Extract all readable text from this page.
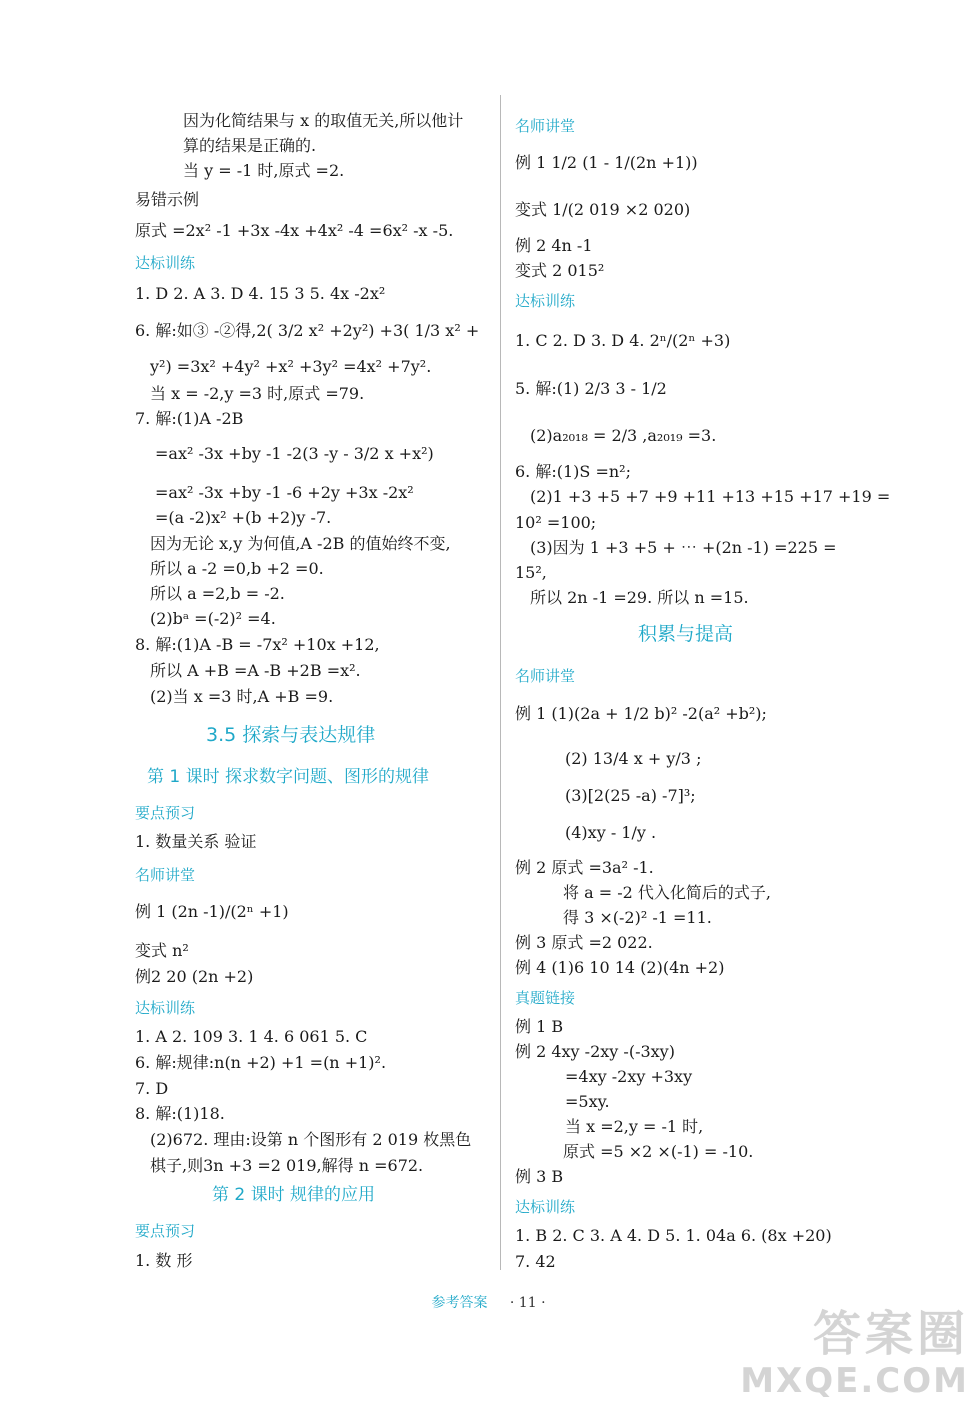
因为化简结果与 x 的取值无关,所以他计
算的结果是正确的.
当 y = -1 时,原式 =2.
易错示例
原式 =2x² -1 +3x -4x +4x² -4 =6x² -x -5.
达标训练
1. D 2. A 3. D 4. 15 3 5. 4x -2x²
6. 解:如③ -②得,2( 3/2 x² +2y²) +3( 1/3 x² +
y²) =3x² +4y² +x² +3y² =4x² +7y².
当 x = -2,y =3 时,原式 =79.
7. 解:(1)A -2B
=ax² -3x +by -1 -2(3 -y - 3/2 x +x²)
=ax² -3x +by -1 -6 +2y +3x -2x²
=(a -2)x² +(b +2)y -7.
因为无论 x,y 为何值,A -2B 的值始终不变,
所以 a -2 =0,b +2 =0.
所以 a =2,b = -2.
(2)bᵃ =(-2)² =4.
8. 解:(1)A -B = -7x² +10x +12,
所以 A +B =A -B +2B =x².
(2)当 x =3 时,A +B =9.
3.5 探索与表达规律
第 1 课时 探求数字问题、图形的规律
要点预习
1. 数量关系 验证
名师讲堂
例 1 (2n -1)/(2ⁿ +1)
变式 n²
例2 20 (2n +2)
达标训练
1. A 2. 109 3. 1 4. 6 061 5. C
6. 解:规律:n(n +2) +1 =(n +1)².
7. D
8. 解:(1)18.
(2)672. 理由:设第 n 个图形有 2 019 枚黑色
棋子,则3n +3 =2 019,解得 n =672.
第 2 课时 规律的应用
要点预习
1. 数 形
名师讲堂
例 1 1/2 (1 - 1/(2n +1))
变式 1/(2 019 ×2 020)
例 2 4n -1
变式 2 015²
达标训练
1. C 2. D 3. D 4. 2ⁿ/(2ⁿ +3)
5. 解:(1) 2/3 3 - 1/2
(2)a₂₀₁₈ = 2/3 ,a₂₀₁₉ =3.
6. 解:(1)S =n²;
(2)1 +3 +5 +7 +9 +11 +13 +15 +17 +19 =
10² =100;
(3)因为 1 +3 +5 + ⋯ +(2n -1) =225 =
15²,
所以 2n -1 =29. 所以 n =15.
积累与提高
名师讲堂
例 1 (1)(2a + 1/2 b)² -2(a² +b²);
(2) 13/4 x + y/3 ;
(3)[2(25 -a) -7]³;
(4)xy - 1/y .
例 2 原式 =3a² -1.
将 a = -2 代入化简后的式子,
得 3 ×(-2)² -1 =11.
例 3 原式 =2 022.
例 4 (1)6 10 14 (2)(4n +2)
真题链接
例 1 B
例 2 4xy -2xy -(-3xy)
=4xy -2xy +3xy
=5xy.
当 x =2,y = -1 时,
原式 =5 ×2 ×(-1) = -10.
例 3 B
达标训练
1. B 2. C 3. A 4. D 5. 1. 04a 6. (8x +20)
7. 42
参考答案 · 11 ·
答案圈
MXQE.COM
